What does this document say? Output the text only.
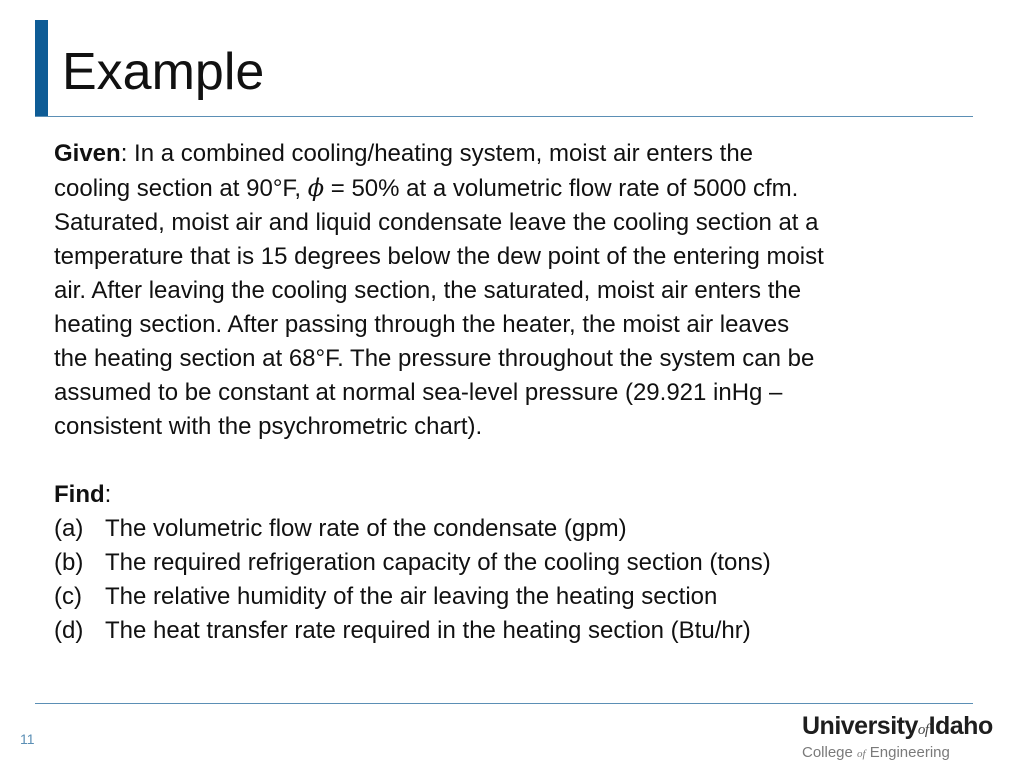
Example

Given: In a combined cooling/heating system, moist air enters the
cooling section at 90°F, ϕ = 50% at a volumetric flow rate of 5000 cfm.
Saturated, moist air and liquid condensate leave the cooling section at a
temperature that is 15 degrees below the dew point of the entering moist
air. After leaving the cooling section, the saturated, moist air enters the
heating section. After passing through the heater, the moist air leaves
the heating section at 68°F. The pressure throughout the system can be
assumed to be constant at normal sea-level pressure (29.921 inHg –
consistent with the psychrometric chart).

Find:
(a) The volumetric flow rate of the condensate (gpm)
(b) The required refrigeration capacity of the cooling section (tons)
(c) The relative humidity of the air leaving the heating section
(d) The heat transfer rate required in the heating section (Btu/hr)
11	UniversityofIdaho
College of Engineering
